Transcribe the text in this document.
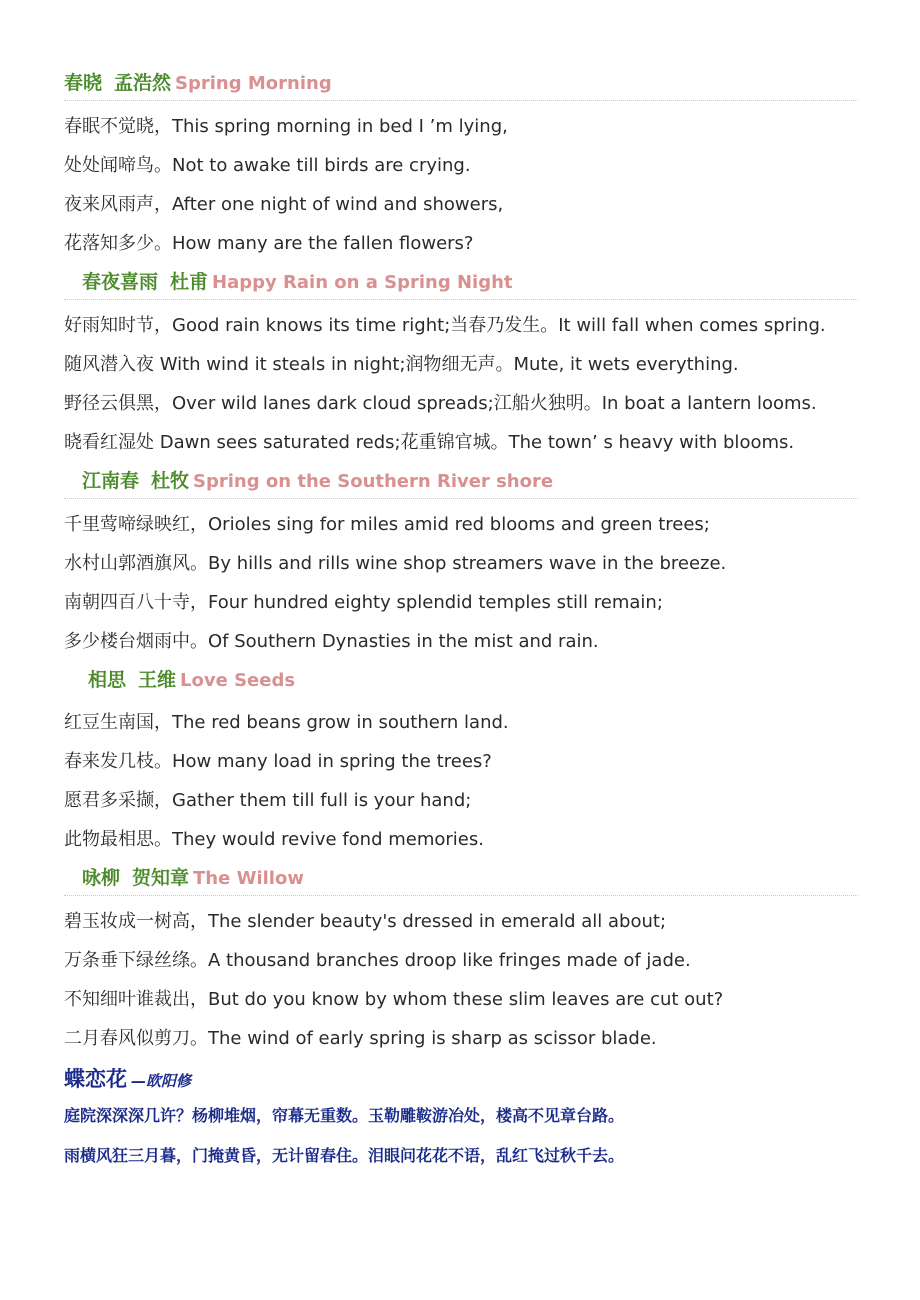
春晓 孟浩然 Spring Morning
春眠不觉晓，This spring morning in bed I ’m lying,
处处闻啼鸟。Not to awake till birds are crying.
夜来风雨声，After one night of wind and showers,
花落知多少。How many are the fallen flowers?
春夜喜雨 杜甫 Happy Rain on a Spring Night
好雨知时节，Good rain knows its time right;当春乃发生。It will fall when comes spring.
随风潜入夜 With wind it steals in night;润物细无声。Mute, it wets everything.
野径云俱黑，Over wild lanes dark cloud spreads;江船火独明。In boat a lantern looms.
晓看红湿处 Dawn sees saturated reds;花重锦官城。The town’ s heavy with blooms.
江南春 杜牧 Spring on the Southern River shore
千里莺啼绿映红，Orioles sing for miles amid red blooms and green trees;
水村山郭酒旗风。By hills and rills wine shop streamers wave in the breeze.
南朝四百八十寺，Four hundred eighty splendid temples still remain;
多少楼台烟雨中。Of Southern Dynasties in the mist and rain.
相思 王维 Love Seeds
红豆生南国，The red beans grow in southern land.
春来发几枝。How many load in spring the trees?
愿君多采撷，Gather them till full is your hand;
此物最相思。They would revive fond memories.
咏柳 贺知章 The Willow
碧玉妆成一树高，The slender beauty's dressed in emerald all about;
万条垂下绿丝绦。A thousand branches droop like fringes made of jade.
不知细叶谁裁出，But do you know by whom these slim leaves are cut out?
二月春风似剪刀。The wind of early spring is sharp as scissor blade.
蝶恋花 —欧阳修
庭院深深深几许？杨柳堆烟，帘幕无重数。玉勒雕鞍游冶处，楼高不见章台路。
雨横风狂三月暮，门掩黄昏，无计留春住。泪眼问花花不语，乱红飞过秋千去。
